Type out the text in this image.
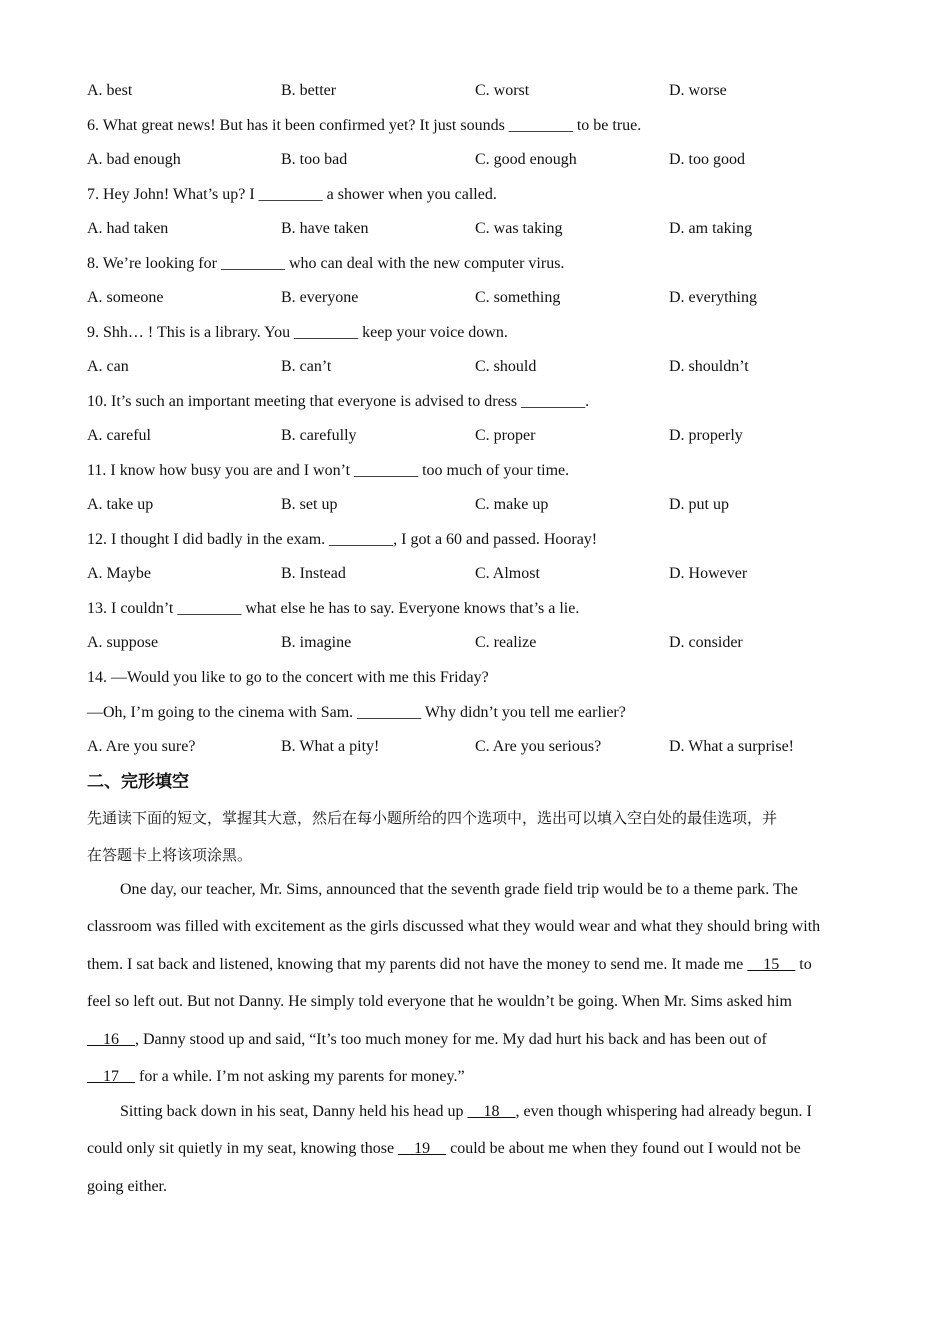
A. best	B. better	C. worst	D. worse
6. What great news! But has it been confirmed yet? It just sounds ________ to be true.
A. bad enough	B. too bad	C. good enough	D. too good
7. Hey John! What’s up? I ________ a shower when you called.
A. had taken	B. have taken	C. was taking	D. am taking
8. We’re looking for ________ who can deal with the new computer virus.
A. someone	B. everyone	C. something	D. everything
9. Shh… ! This is a library. You ________ keep your voice down.
A. can	B. can’t	C. should	D. shouldn’t
10. It’s such an important meeting that everyone is advised to dress ________.
A. careful	B. carefully	C. proper	D. properly
11. I know how busy you are and I won’t ________ too much of your time.
A. take up	B. set up	C. make up	D. put up
12. I thought I did badly in the exam. ________, I got a 60 and passed. Hooray!
A. Maybe	B. Instead	C. Almost	D. However
13. I couldn’t ________ what else he has to say. Everyone knows that’s a lie.
A. suppose	B. imagine	C. realize	D. consider
14. —Would you like to go to the concert with me this Friday?
—Oh, I’m going to the cinema with Sam. ________ Why didn’t you tell me earlier?
A. Are you sure?	B. What a pity!	C. Are you serious?	D. What a surprise!
二、完形填空
先通读下面的短文，掌握其大意，然后在每小题所给的四个选项中，选出可以填入空白处的最佳选项，并
在答题卡上将该项涂黑。
One day, our teacher, Mr. Sims, announced that the seventh grade field trip would be to a theme park. The
classroom was filled with excitement as the girls discussed what they would wear and what they should bring with
them. I sat back and listened, knowing that my parents did not have the money to send me. It made me     15     to
feel so left out. But not Danny. He simply told everyone that he wouldn’t be going. When Mr. Sims asked him
16    , Danny stood up and said, “It’s too much money for me. My dad hurt his back and has been out of
17     for a while. I’m not asking my parents for money.”
Sitting back down in his seat, Danny held his head up     18    , even though whispering had already begun. I
could only sit quietly in my seat, knowing those     19     could be about me when they found out I would not be
going either.
